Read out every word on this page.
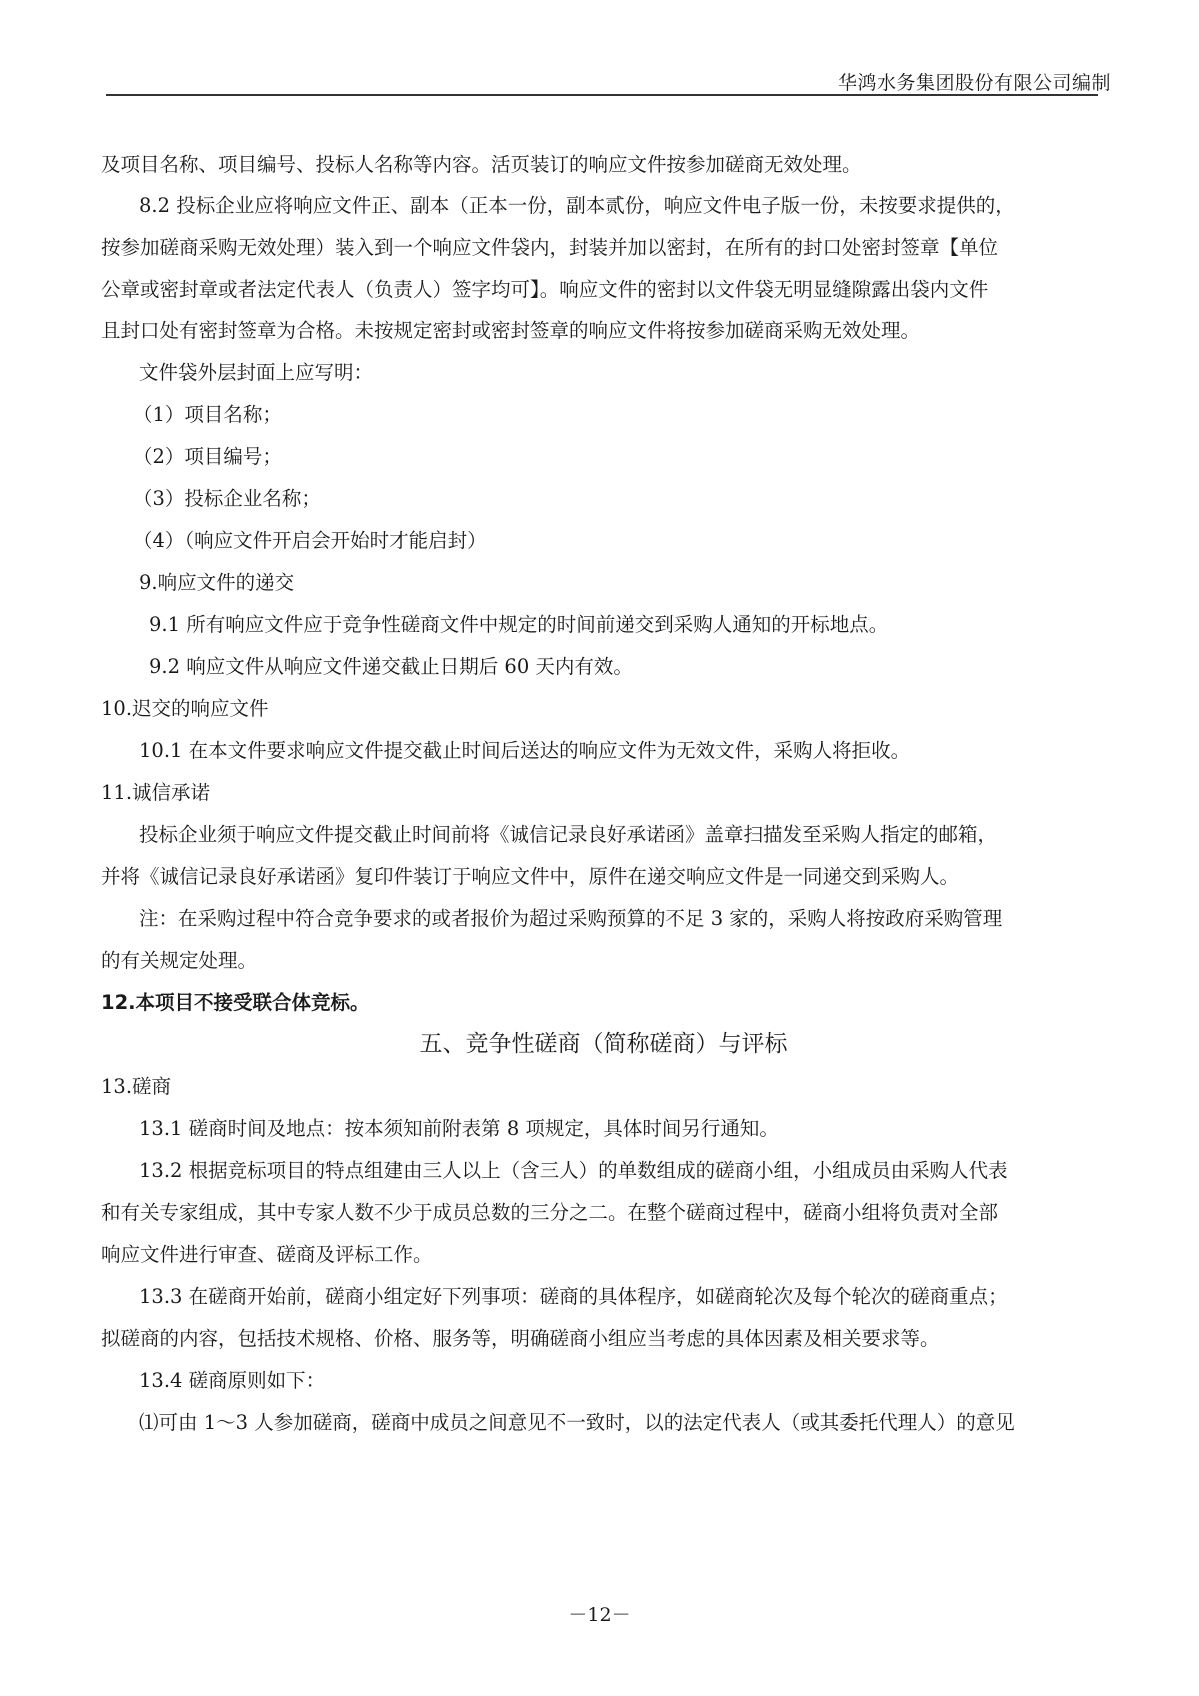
华鸿水务集团股份有限公司编制
及项目名称、项目编号、投标人名称等内容。活页装订的响应文件按参加磋商无效处理。
8.2 投标企业应将响应文件正、副本（正本一份，副本贰份，响应文件电子版一份，未按要求提供的，
按参加磋商采购无效处理）装入到一个响应文件袋内，封装并加以密封，在所有的封口处密封签章【单位
公章或密封章或者法定代表人（负责人）签字均可】。响应文件的密封以文件袋无明显缝隙露出袋内文件
且封口处有密封签章为合格。未按规定密封或密封签章的响应文件将按参加磋商采购无效处理。
文件袋外层封面上应写明：
（1）项目名称；
（2）项目编号；
（3）投标企业名称；
（4）（响应文件开启会开始时才能启封）
9.响应文件的递交
9.1 所有响应文件应于竞争性磋商文件中规定的时间前递交到采购人通知的开标地点。
9.2 响应文件从响应文件递交截止日期后 60 天内有效。
10.迟交的响应文件
10.1 在本文件要求响应文件提交截止时间后送达的响应文件为无效文件，采购人将拒收。
11.诚信承诺
投标企业须于响应文件提交截止时间前将《诚信记录良好承诺函》盖章扫描发至采购人指定的邮箱，
并将《诚信记录良好承诺函》复印件装订于响应文件中，原件在递交响应文件是一同递交到采购人。
注：在采购过程中符合竞争要求的或者报价为超过采购预算的不足 3 家的，采购人将按政府采购管理
的有关规定处理。
12.本项目不接受联合体竞标。
五、竞争性磋商（简称磋商）与评标
13.磋商
13.1 磋商时间及地点：按本须知前附表第 8 项规定，具体时间另行通知。
13.2 根据竞标项目的特点组建由三人以上（含三人）的单数组成的磋商小组，小组成员由采购人代表
和有关专家组成，其中专家人数不少于成员总数的三分之二。在整个磋商过程中，磋商小组将负责对全部
响应文件进行审查、磋商及评标工作。
13.3 在磋商开始前，磋商小组定好下列事项：磋商的具体程序，如磋商轮次及每个轮次的磋商重点；
拟磋商的内容，包括技术规格、价格、服务等，明确磋商小组应当考虑的具体因素及相关要求等。
13.4 磋商原则如下：
⑴可由 1～3 人参加磋商，磋商中成员之间意见不一致时，以的法定代表人（或其委托代理人）的意见
－12－
